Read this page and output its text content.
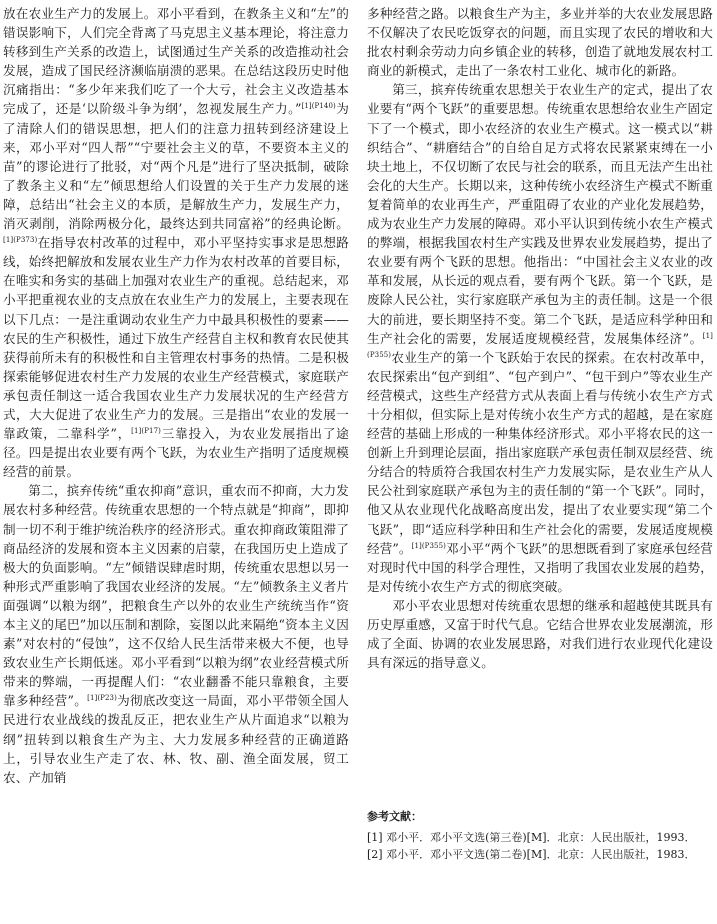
放在农业生产力的发展上。邓小平看到，在教条主义和“左”的错误影响下，人们完全背离了马克思主义基本理论，将注意力转移到生产关系的改造上，试图通过生产关系的改造推动社会发展，造成了国民经济濒临崩溃的恶果。在总结这段历史时他沉痛指出：“多少年来我们吃了一个大亏，社会主义改造基本完成了，还是‘以阶级斗争为纲’，忽视发展生产力。”$^{[1](P140)}$为了清除人们的错误思想，把人们的注意力扭转到经济建设上来，邓小平对“四人帮”“宁要社会主义的草，不要资本主义的苗”的谬论进行了批驳，对“两个凡是”进行了坚决抵制，破除了教条主义和“左”倾思想给人们设置的关于生产力发展的迷障，总结出“社会主义的本质，是解放生产力，发展生产力，消灭剥削，消除两极分化，最终达到共同富裕”的经典论断。$^{[1](P373)}$在指导农村改革的过程中，邓小平坚持实事求是思想路线，始终把解放和发展农业生产力作为农村改革的首要目标，在唯实和务实的基础上加强对农业生产的重视。总结起来，邓小平把重视农业的支点放在农业生产力的发展上，主要表现在以下几点：一是注重调动农业生产力中最具积极性的要素——农民的生产积极性，通过下放生产经营自主权和教育农民使其获得前所未有的积极性和自主管理农村事务的热情。二是积极探索能够促进农村生产力发展的农业生产经营模式，家庭联产承包责任制这一适合我国农业生产力发展状况的生产经营方式，大大促进了农业生产力的发展。三是指出“农业的发展一靠政策，二靠科学”，$^{[1](P17)}$三靠投入，为农业发展指出了途径。四是提出农业要有两个飞跃，为农业生产指明了适度规模经营的前景。

第二，摈弃传统“重农抑商”意识，重农而不抑商，大力发展农村多种经营。传统重农思想的一个特点就是“抑商”，即抑制一切不利于维护统治秩序的经济形式。重农抑商政策阻滞了商品经济的发展和资本主义因素的启蒙，在我国历史上造成了极大的负面影响。“左”倾错误肆虐时期，传统重农思想以另一种形式严重影响了我国农业经济的发展。“左”倾教条主义者片面强调“以粮为纲”，把粮食生产以外的农业生产统统当作“资本主义的尾巴”加以压制和割除，妄图以此来隔绝“资本主义因素”对农村的“侵蚀”，这不仅给人民生活带来极大不便，也导致农业生产长期低迷。邓小平看到“以粮为纲”农业经营模式所带来的弊端，一再提醒人们：“农业翻番不能只靠粮食，主要靠多种经营”。$^{[1](P23)}$为彻底改变这一局面，邓小平带领全国人民进行农业战线的拨乱反正，把农业生产从片面追求“以粮为纲”扭转到以粮食生产为主、大力发展多种经营的正确道路上，引导农业生产走了农、林、牧、副、渔全面发展，贸工农、产加销

多种经营之路。以粮食生产为主，多业并举的大农业发展思路不仅解决了农民吃饭穿衣的问题，而且实现了农民的增收和大批农村剩余劳动力向乡镇企业的转移，创造了就地发展农村工商业的新模式，走出了一条农村工业化、城市化的新路。

第三，摈弃传统重农思想关于农业生产的定式，提出了农业要有“两个飞跃”的重要思想。传统重农思想给农业生产固定下了一个模式，即小农经济的农业生产模式。这一模式以“耕织结合”、“耕磨结合”的自给自足方式将农民紧紧束缚在一小块土地上，不仅切断了农民与社会的联系，而且无法产生出社会化的大生产。长期以来，这种传统小农经济生产模式不断重复着简单的农业再生产，严重阻碍了农业的产业化发展趋势，成为农业生产力发展的障碍。邓小平认识到传统小农生产模式的弊端，根据我国农村生产实践及世界农业发展趋势，提出了农业要有两个飞跃的思想。他指出：“中国社会主义农业的改革和发展，从长远的观点看，要有两个飞跃。第一个飞跃，是废除人民公社，实行家庭联产承包为主的责任制。这是一个很大的前进，要长期坚持不变。第二个飞跃，是适应科学种田和生产社会化的需要，发展适度规模经营，发展集体经济”。$^{[1](P355)}$农业生产的第一个飞跃始于农民的探索。在农村改革中，农民探索出“包产到组”、“包产到户”、“包干到户”等农业生产经营模式，这些生产经营方式从表面上看与传统小农生产方式十分相似，但实际上是对传统小农生产方式的超越，是在家庭经营的基础上形成的一种集体经济形式。邓小平将农民的这一创新上升到理论层面，指出家庭联产承包责任制双层经营、统分结合的特质符合我国农村生产力发展实际，是农业生产从人民公社到家庭联产承包为主的责任制的“第一个飞跃”。同时，他又从农业现代化战略高度出发，提出了农业要实现“第二个飞跃”，即“适应科学种田和生产社会化的需要，发展适度规模经营”。$^{[1](P355)}$邓小平“两个飞跃”的思想既看到了家庭承包经营对现时代中国的科学合理性，又指明了我国农业发展的趋势，是对传统小农生产方式的彻底突破。

邓小平农业思想对传统重农思想的继承和超越使其既具有历史厚重感，又富于时代气息。它结合世界农业发展潮流，形成了全面、协调的农业发展思路，对我们进行农业现代化建设具有深远的指导意义。

参考文献：

[1] 邓小平．邓小平文选(第三卷)[M]．北京：人民出版社，1993．

[2] 邓小平．邓小平文选(第二卷)[M]．北京：人民出版社，1983．
